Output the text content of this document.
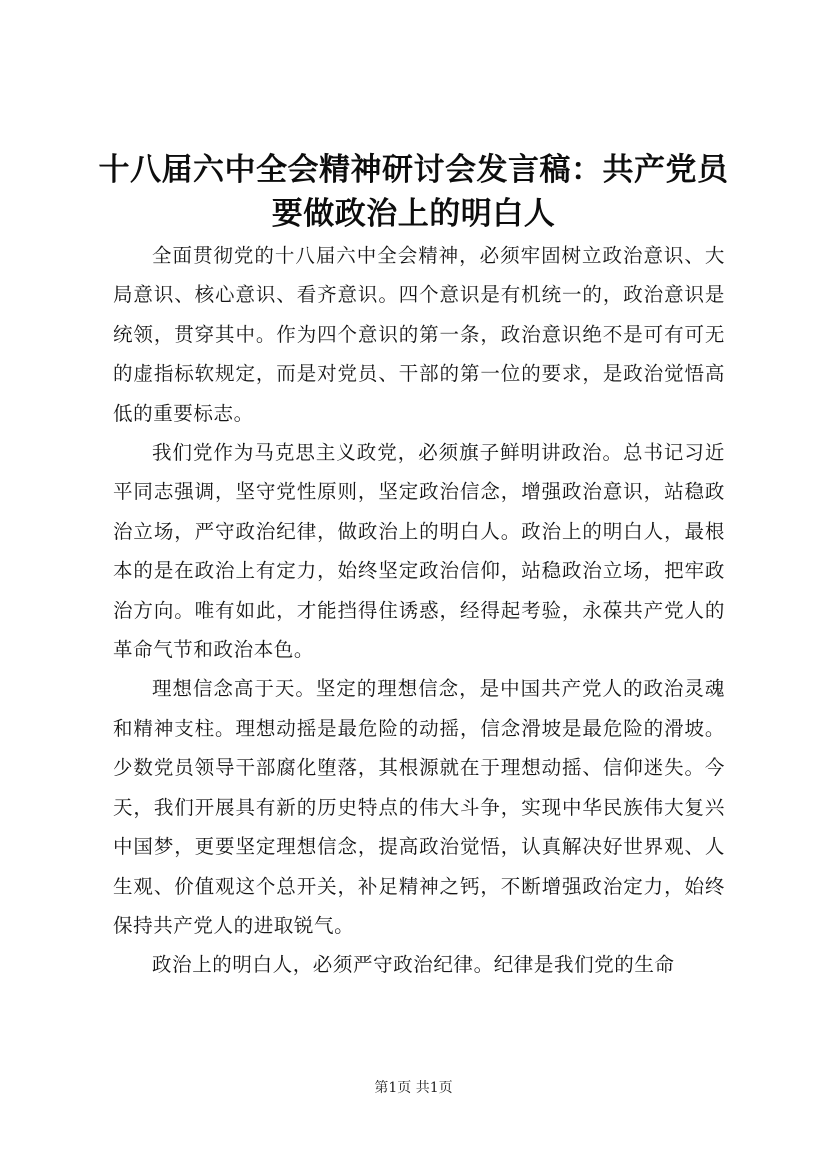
十八届六中全会精神研讨会发言稿：共产党员
要做政治上的明白人

全面贯彻党的十八届六中全会精神，必须牢固树立政治意识、大局意识、核心意识、看齐意识。四个意识是有机统一的，政治意识是统领，贯穿其中。作为四个意识的第一条，政治意识绝不是可有可无的虚指标软规定，而是对党员、干部的第一位的要求，是政治觉悟高低的重要标志。

我们党作为马克思主义政党，必须旗子鲜明讲政治。总书记习近平同志强调，坚守党性原则，坚定政治信念，增强政治意识，站稳政治立场，严守政治纪律，做政治上的明白人。政治上的明白人，最根本的是在政治上有定力，始终坚定政治信仰，站稳政治立场，把牢政治方向。唯有如此，才能挡得住诱惑，经得起考验，永葆共产党人的革命气节和政治本色。

理想信念高于天。坚定的理想信念，是中国共产党人的政治灵魂和精神支柱。理想动摇是最危险的动摇，信念滑坡是最危险的滑坡。少数党员领导干部腐化堕落，其根源就在于理想动摇、信仰迷失。今天，我们开展具有新的历史特点的伟大斗争，实现中华民族伟大复兴中国梦，更要坚定理想信念，提高政治觉悟，认真解决好世界观、人生观、价值观这个总开关，补足精神之钙，不断增强政治定力，始终保持共产党人的进取锐气。

政治上的明白人，必须严守政治纪律。纪律是我们党的生命

第1页 共1页
